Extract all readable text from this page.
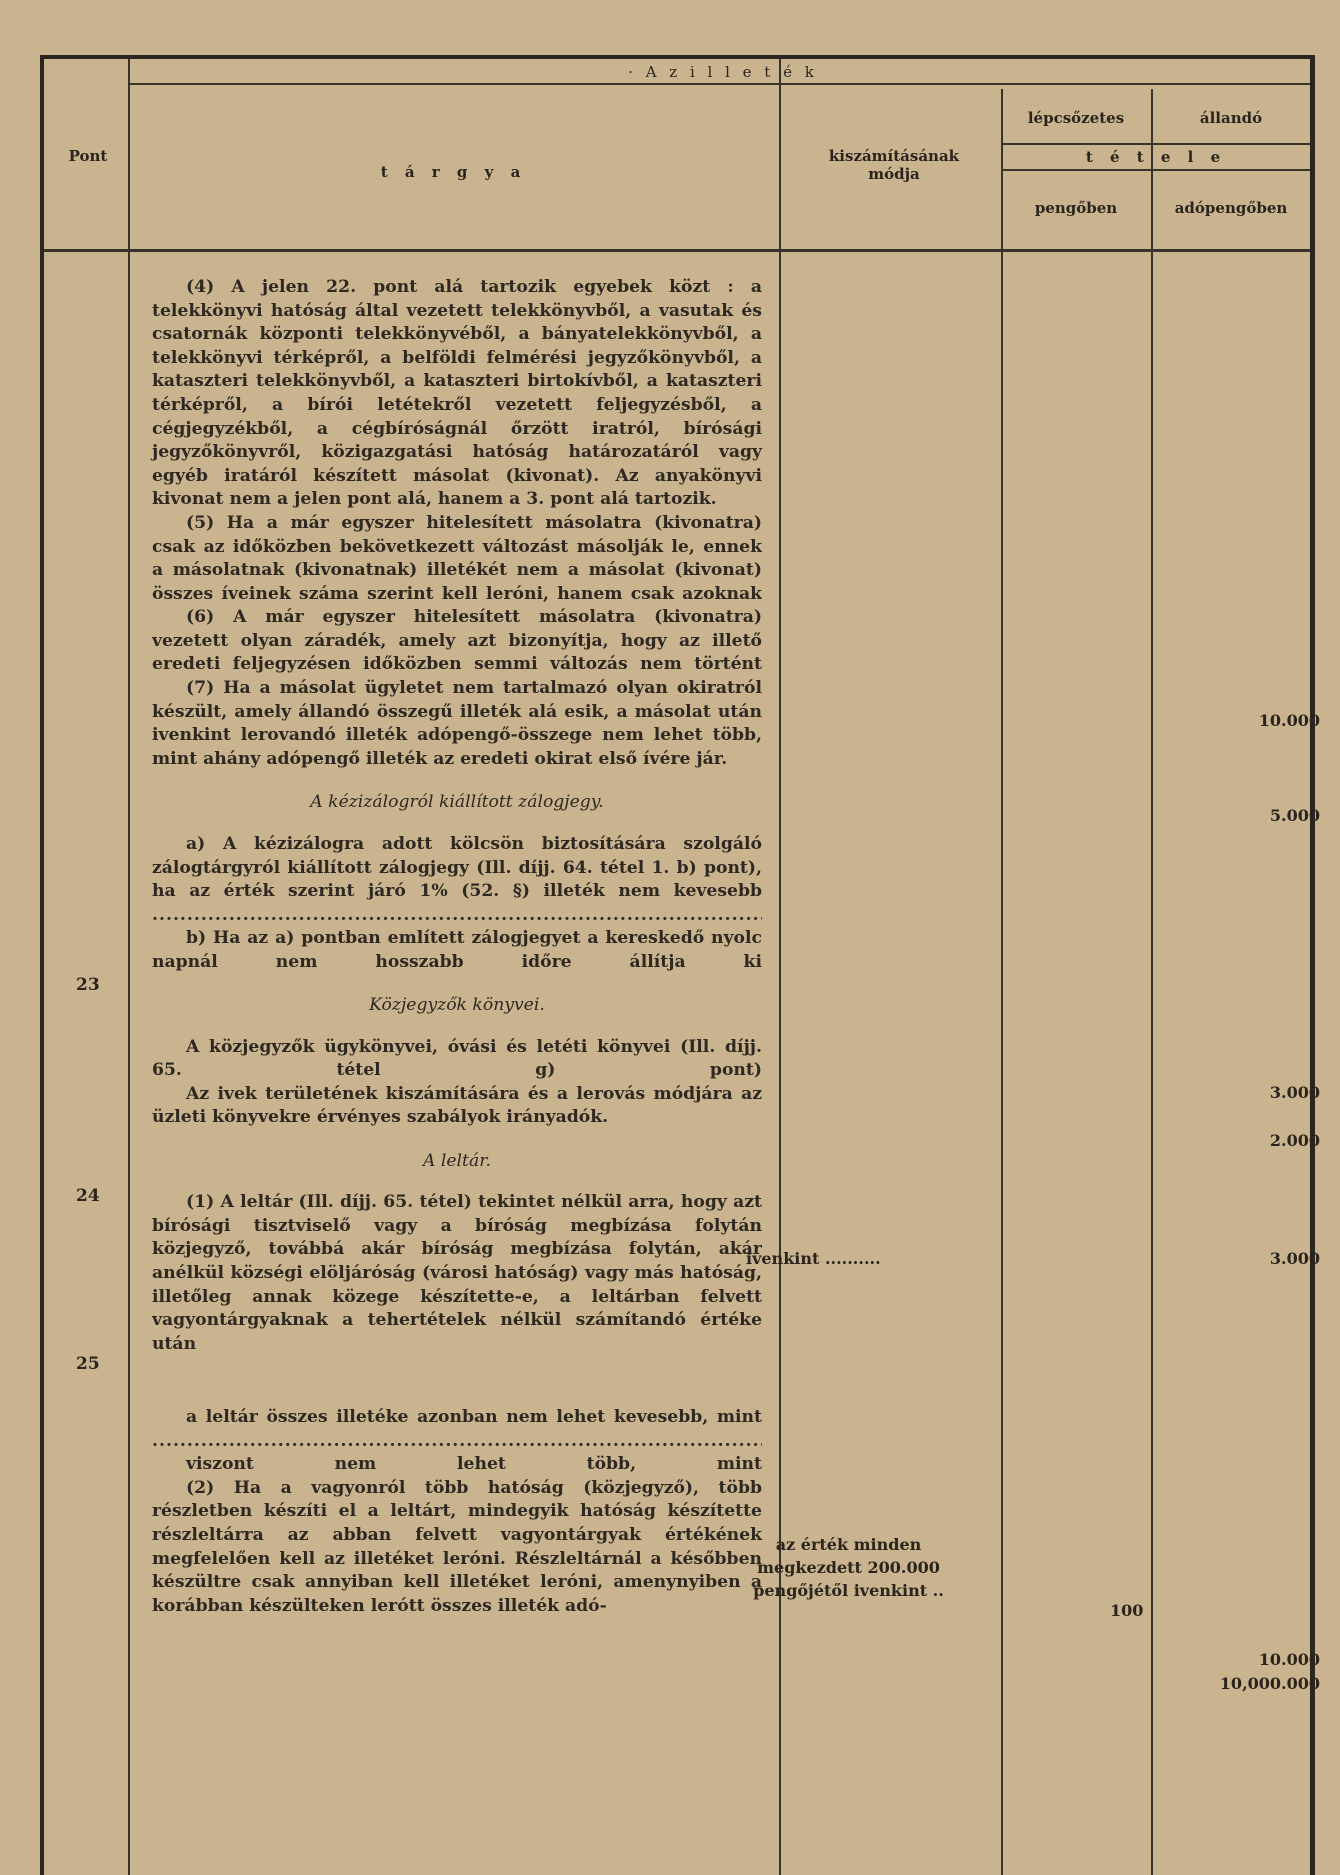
Pont
· A z i l l e t é k
t á r g y a
kiszámításának módja
lépcsőzetes	állandó
t é t e l e
pengőben	adópengőben

(4) A jelen 22. pont alá tartozik egyebek közt : a telekkönyvi hatóság által vezetett telekkönyvből, a vasutak és csatornák központi telekkönyvéből, a bányatelekkönyvből, a telekkönyvi térképről, a belföldi felmérési jegyzőkönyvből, a kataszteri telekkönyvből, a kataszteri birtokívből, a kataszteri térképről, a bírói letétekről vezetett feljegyzésből, a cégjegyzékből, a cégbíróságnál őrzött iratról, bírósági jegyzőkönyvről, közigazgatási hatóság határozatáról vagy egyéb iratáról készített másolat (kivonat). Az anyakönyvi kivonat nem a jelen pont alá, hanem a 3. pont alá tartozik.

(5) Ha a már egyszer hitelesített másolatra (kivonatra) csak az időközben bekövetkezett változást másolják le, ennek a másolatnak (kivonatnak) illetékét nem a másolat (kivonat) összes íveinek száma szerint kell leróni, hanem csak azoknak .....

(6) A már egyszer hitelesített másolatra (kivonatra) vezetett olyan záradék, amely azt bizonyítja, hogy az illető eredeti feljegyzésen időközben semmi változás nem történt .....

(7) Ha a másolat ügyletet nem tartalmazó olyan okiratról készült, amely állandó összegű illeték alá esik, a másolat után ivenkint lerovandó illeték adópengő-összege nem lehet több, mint ahány adópengő illeték az eredeti okirat első ívére jár.

A kézizálogról kiállított zálogjegy.

a) A kézizálogra adott kölcsön biztosítására szolgáló zálogtárgyról kiállított zálogjegy (Ill. díjj. 64. tétel 1. b) pont), ha az érték szerint járó 1% (52. §) illeték nem kevesebb .....

b) Ha az a) pontban említett zálogjegyet a kereskedő nyolc napnál nem hosszabb időre állítja ki .....

Közjegyzők könyvei.

A közjegyzők ügykönyvei, óvási és letéti könyvei (Ill. díjj. 65. tétel g) pont) .....

Az ivek területének kiszámítására és a lerovás módjára az üzleti könyvekre érvényes szabályok irányadók.

A leltár.

(1) A leltár (Ill. díjj. 65. tétel) tekintet nélkül arra, hogy azt bírósági tisztviselő vagy a bíróság megbízása folytán közjegyző, továbbá akár bíróság megbízása folytán, akár anélkül községi elöljáróság (városi hatóság) vagy más hatóság, illetőleg annak közege készítette-e, a leltárban felvett vagyontárgyaknak a tehertételek nélkül számítandó értéke után .....

a leltár összes illetéke azonban nem lehet kevesebb, mint .....

viszont nem lehet több, mint .....

(2) Ha a vagyonról több hatóság (közjegyző), több részletben készíti el a leltárt, mindegyik hatóság készítette részleltárra az abban felvett vagyontárgyak értékének megfelelően kell az illetéket leróni. Részleltárnál a későbben készültre csak annyiban kell illetéket leróni, amenynyiben a korábban készülteken lerótt összes illeték adó-

23
24
25
ivenkint ..........
az érték minden megkezdett 200.000 pengőjétől ivenkint ..
100
10.000
5.000
3.000
2.000
3.000
10.000
10,000.000
